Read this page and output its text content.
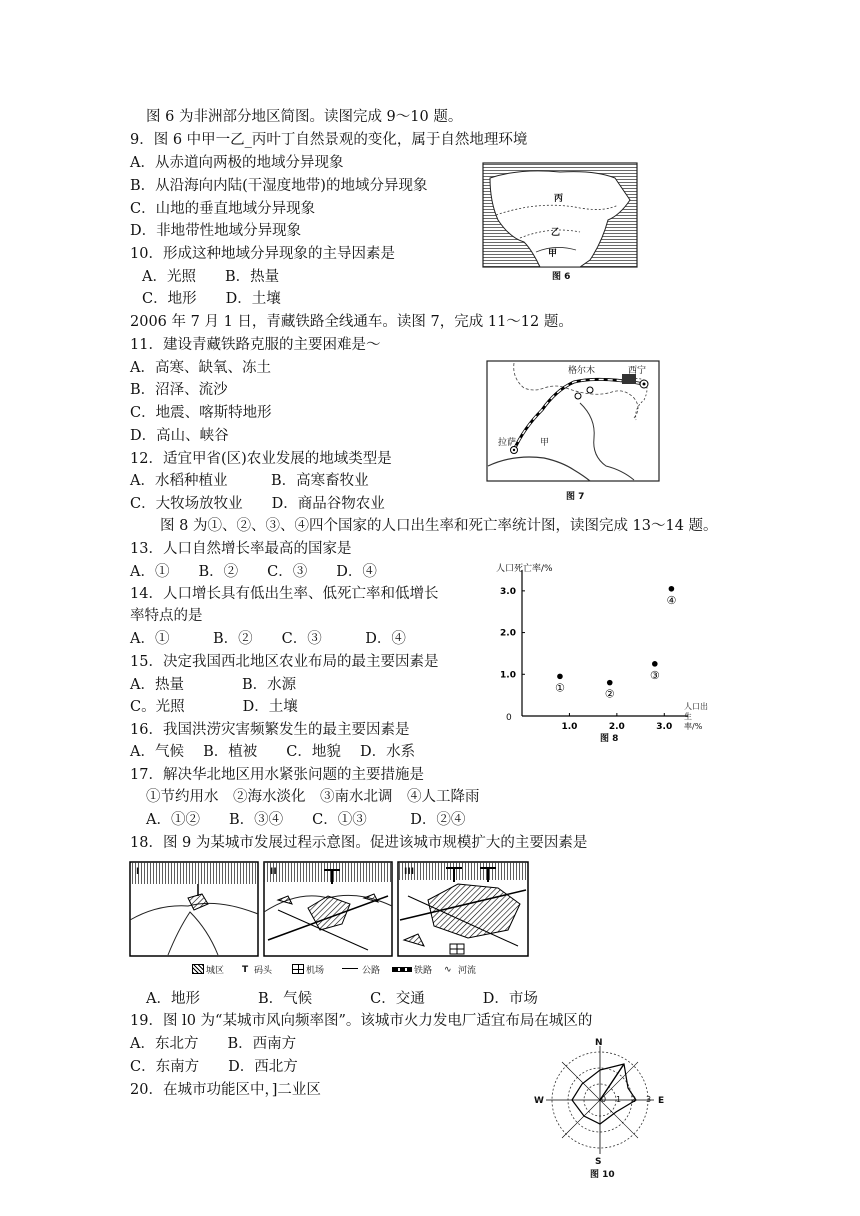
图 6 为非洲部分地区简图。读图完成 9～10 题。
9．图 6 中甲一乙_丙叶丁自然景观的变化，属于自然地理环境
A．从赤道向两极的地域分异现象
B．从沿海向内陆(干湿度地带)的地域分异现象
C．山地的垂直地域分异现象
D．非地带性地域分异现象
10．形成这种地域分异现象的主导因素是
A．光照　　B．热量
C．地形　　D．土壤
2006 年 7 月 1 日，青藏铁路全线通车。读图 7，完成 11～12 题。
11．建设青藏铁路克服的主要困难是～
A．高寒、缺氧、冻土
B．沼泽、流沙
C．地震、喀斯特地形
D．高山、峡谷
12．适宜甲省(区)农业发展的地域类型是
A．水稻种植业　　　B．高寒畜牧业
C．大牧场放牧业　　D．商品谷物农业
图 8 为①、②、③、④四个国家的人口出生率和死亡率统计图，读图完成 13～14 题。
13．人口自然增长率最高的国家是
A．①　　B．②　　C．③　　D．④
14．人口增长具有低出生率、低死亡率和低增长
率特点的是
A．①　　　B．②　　C．③　　　D．④
15．决定我国西北地区农业布局的最主要因素是
A．热量　　　　B．水源
C。光照　　　　D．土壤
16．我国洪涝灾害频繁发生的最主要因素是
A．气候　 B．植被　　C．地貌　 D．水系
17．解决华北地区用水紧张问题的主要措施是
①节约用水　②海水淡化　③南水北调　④人工降雨
A．①②　　B．③④　　C．①③　　　D．②④
18．图 9 为某城市发展过程示意图。促进该城市规模扩大的主要因素是
A．地形　　　　B．气候　　　　C．交通　　　　D．市场
19．图 l0 为“某城市风向频率图”。该城市火力发电厂适宜布局在城区的
A．东北方　　B．西南方
C．东南方　　D．西北方
20．在城市功能区中，]二业区
丙
乙
甲
图 6
格尔木	西宁
拉萨	甲
图 7
1.0	2.0	3.0
1.0
2.0
3.0
①	②
③
④
人口死亡率/%
0
人口出生率/%
图 8
I	II	III
城区 T 码头	机场	公路	铁路 ∿ 河流
N
S
W	E
0 1 2 3
图 10
